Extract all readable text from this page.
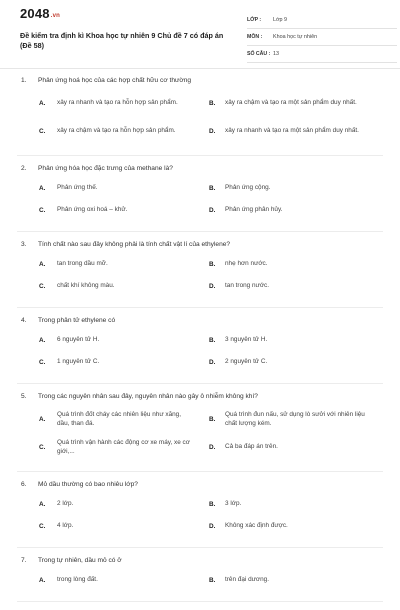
2048.vn
Đề kiểm tra định kì Khoa học tự nhiên 9 Chủ đề 7 có đáp án (Đề 58)
LỚP : Lớp 9
MÔN : Khoa học tự nhiên
SỐ CÂU : 13
1. Phản ứng hoá học của các hợp chất hữu cơ thường
A.	xảy ra nhanh và tạo ra hỗn hợp sản phẩm.	B.	xảy ra chậm và tạo ra một sản phẩm duy nhất.
C.	xảy ra chậm và tạo ra hỗn hợp sản phẩm.	D.	xảy ra nhanh và tạo ra một sản phẩm duy nhất.
2. Phản ứng hóa học đặc trưng của methane là?
A.	Phản ứng thế.	B.	Phản ứng cộng.
C.	Phản ứng oxi hoá – khử.	D.	Phản ứng phân hủy.
3. Tính chất nào sau đây không phải là tính chất vật lí của ethylene?
A.	tan trong dầu mỡ.	B.	nhẹ hơn nước.
C.	chất khí không màu.	D.	tan trong nước.
4. Trong phân tử ethylene có
A.	6 nguyên tử H.	B.	3 nguyên tử H.
C.	1 nguyên tử C.	D.	2 nguyên tử C.
5. Trong các nguyên nhân sau đây, nguyên nhân nào gây ô nhiễm không khí?
A.
Quá trình đốt cháy các nhiên liệu như xăng, dầu, than đá.
B.
Quá trình đun nấu, sử dụng lò sưởi với nhiên liệu chất lượng kém.
C.
Quá trình vận hành các động cơ xe máy, xe cơ giới,...
D.	Cả ba đáp án trên.
6. Mỏ dầu thường có bao nhiêu lớp?
A.	2 lớp.	B.	3 lớp.
C.	4 lớp.	D.	Không xác định được.
7. Trong tự nhiên, dầu mỏ có ở
A.	trong lòng đất.	B.	trên đại dương.
